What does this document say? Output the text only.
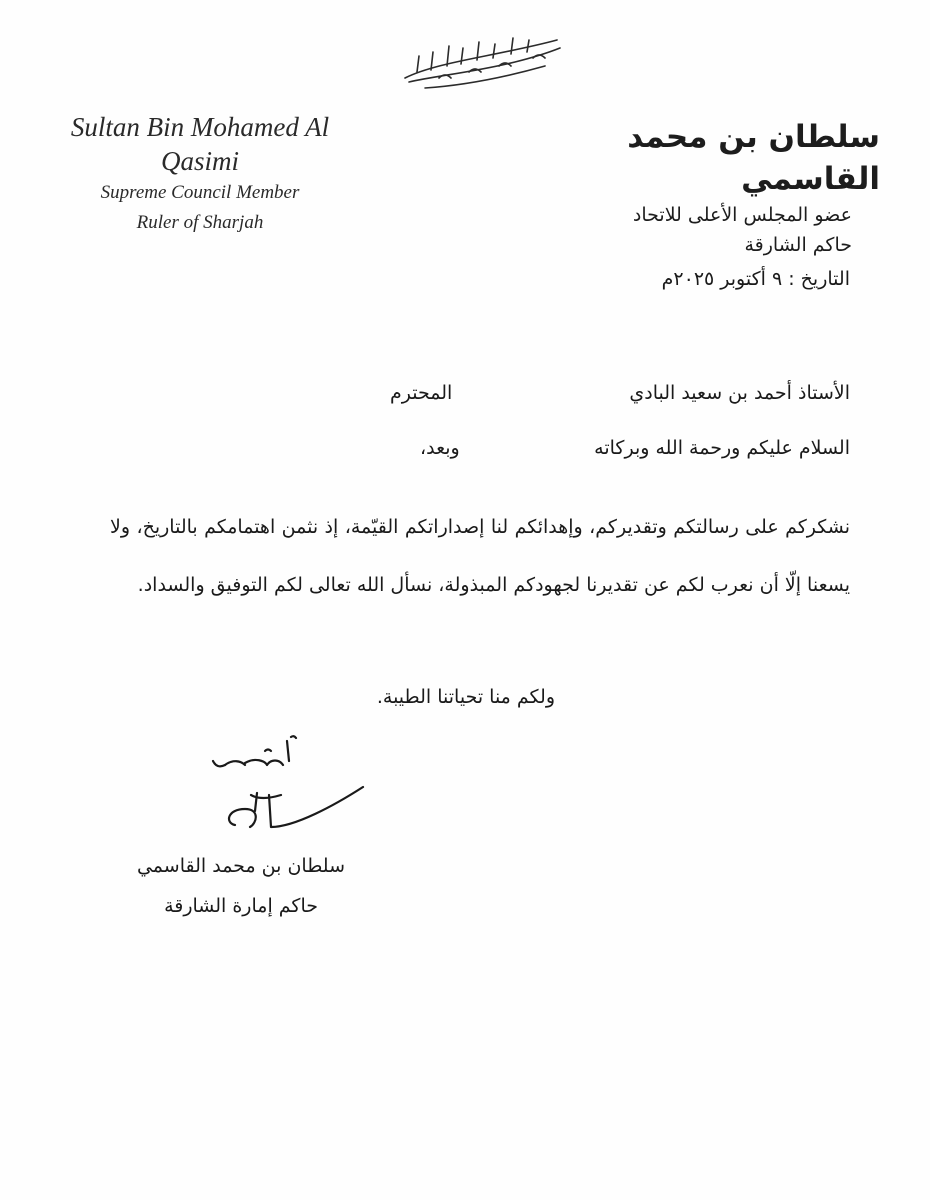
Sultan Bin Mohamed Al Qasimi
Supreme Council Member
Ruler of Sharjah
سلطان بن محمد القاسمي
عضو المجلس الأعلى للاتحاد
حاكم الشارقة
التاريخ : ٩ أكتوبر ٢٠٢٥م
الأستاذ أحمد بن سعيد البادي
المحترم
السلام عليكم ورحمة الله وبركاته
وبعد،
نشكركم على رسالتكم وتقديركم، وإهدائكم لنا إصداراتكم القيّمة، إذ نثمن اهتمامكم بالتاريخ، ولا يسعنا إلّا أن نعرب لكم عن تقديرنا لجهودكم المبذولة، نسأل الله تعالى لكم التوفيق والسداد.
ولكم منا تحياتنا الطيبة.
سلطان بن محمد القاسمي
حاكم إمارة الشارقة
